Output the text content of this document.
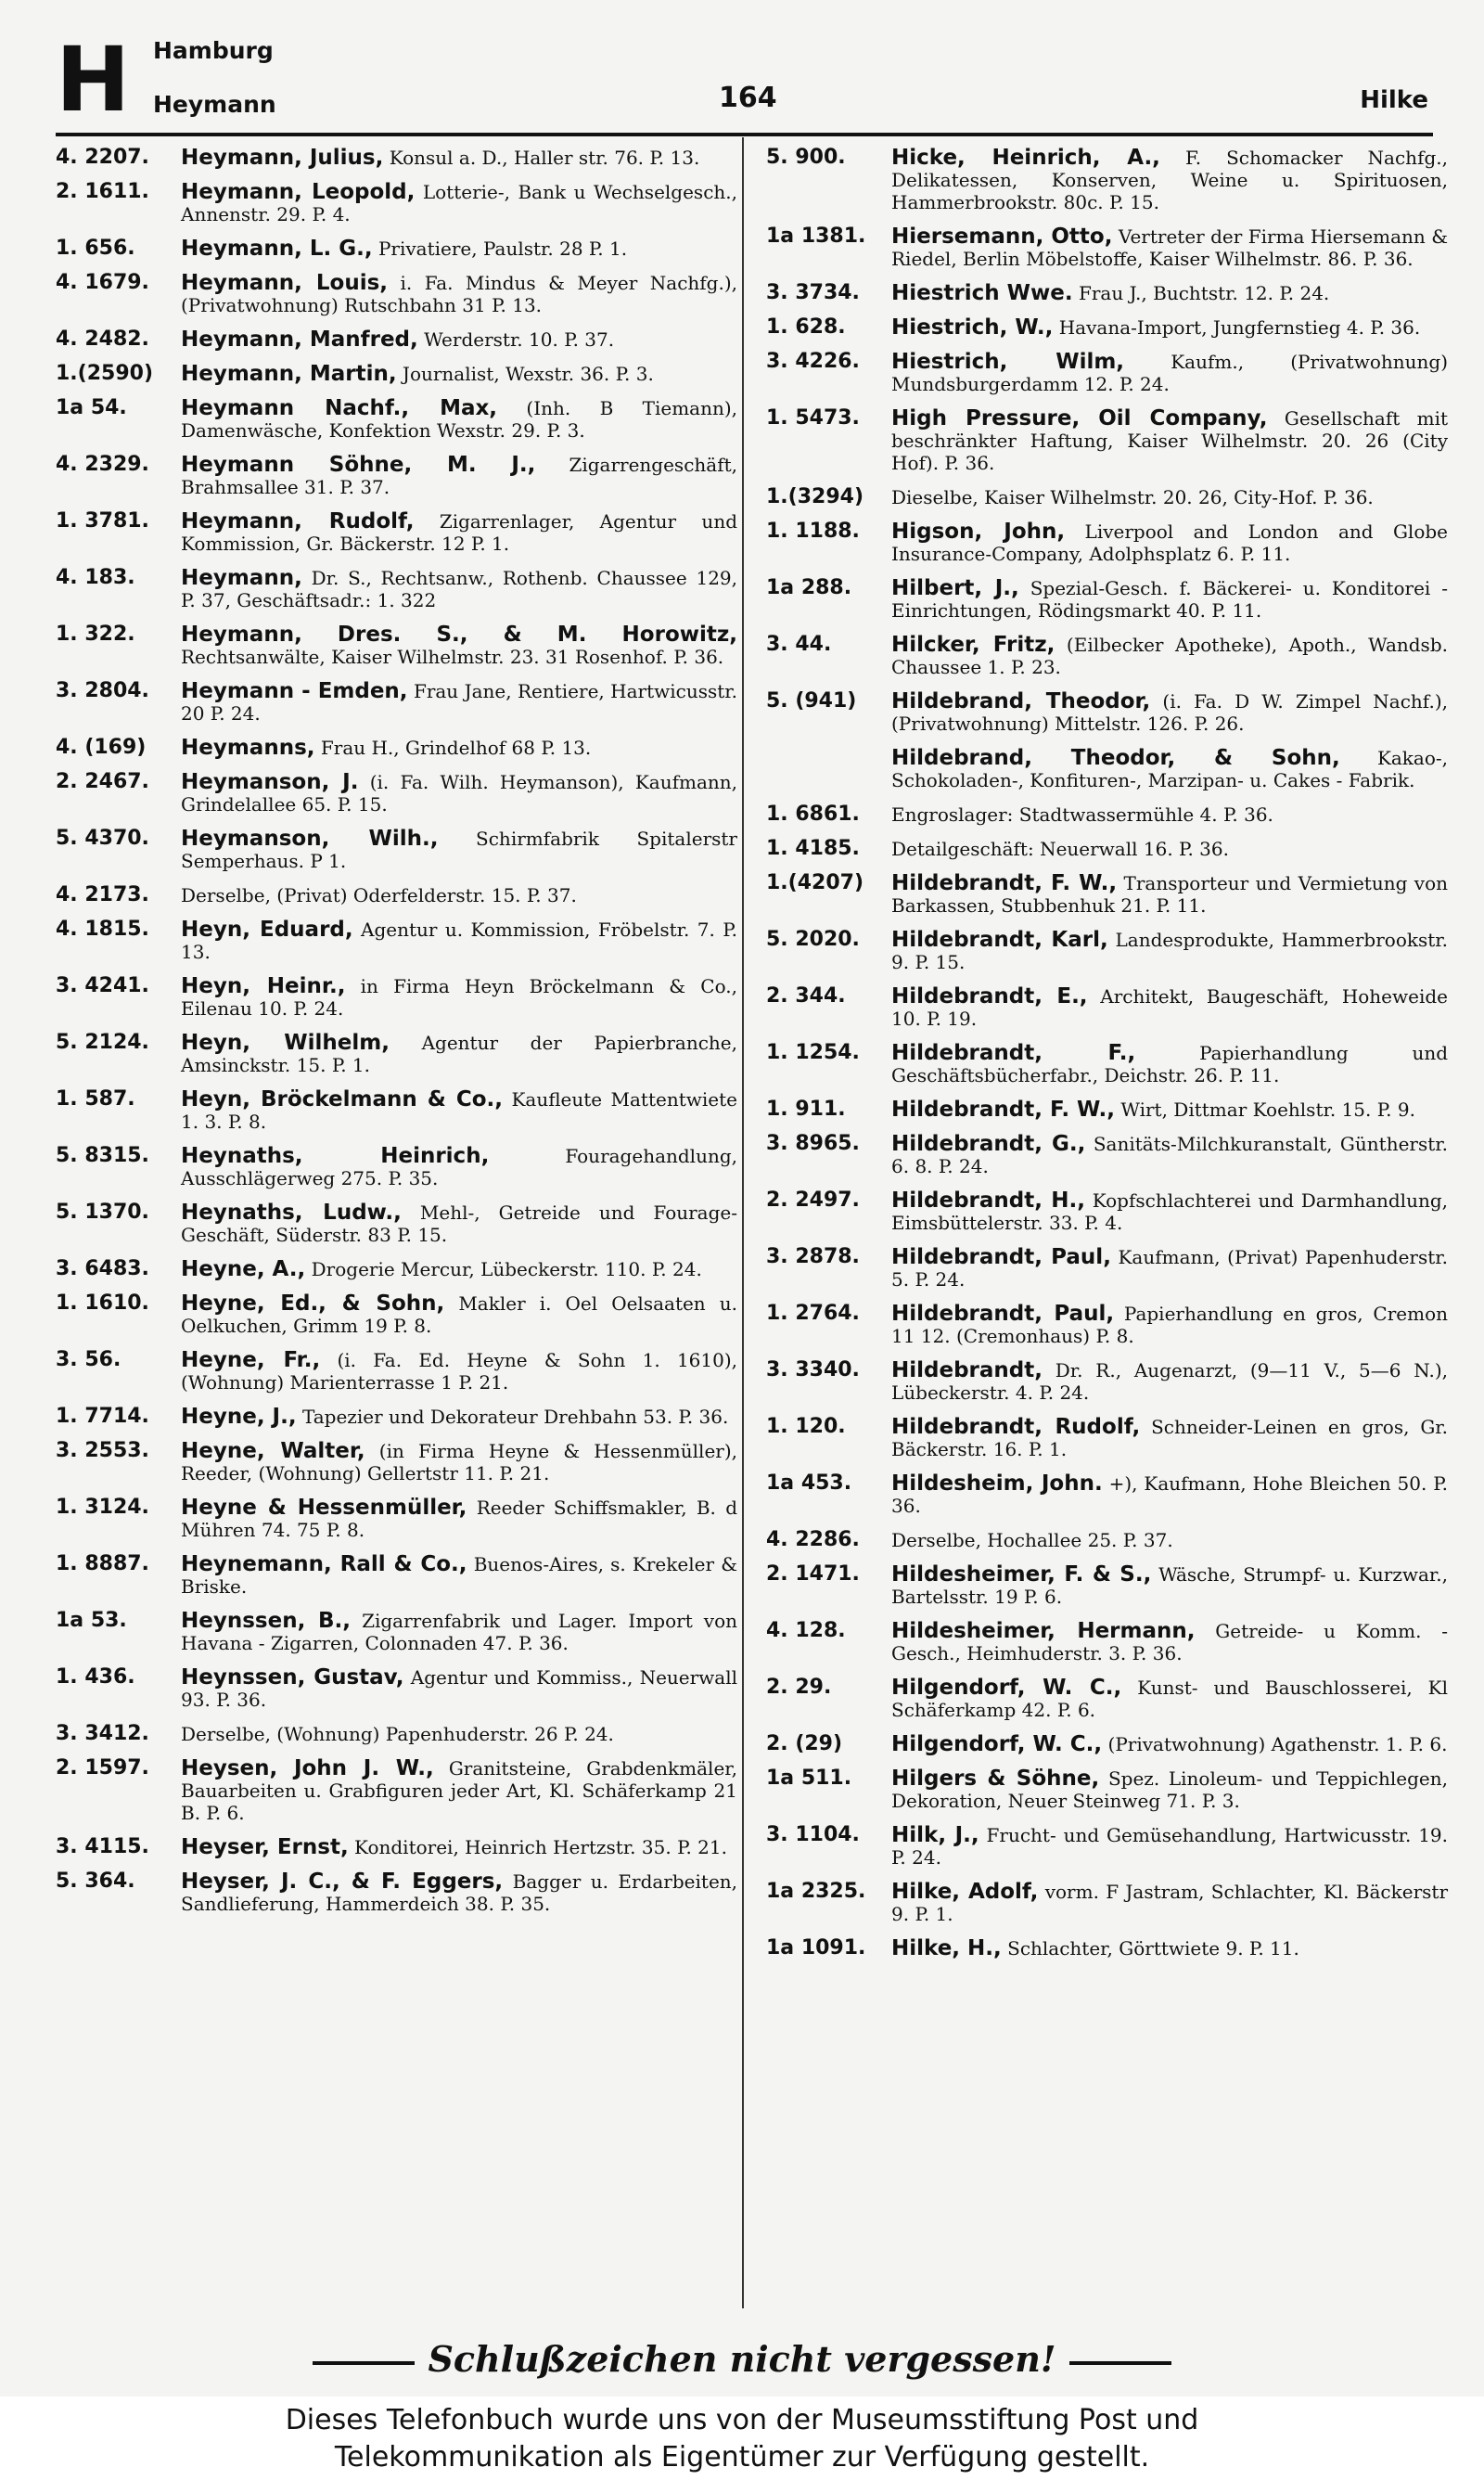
H Hamburg
Heymann	164	Hilke
4. 2207.	Heymann, Julius, Konsul a. D., Haller str. 76. P. 13.
2. 1611.	Heymann, Leopold, Lotterie-, Bank u Wechselgesch., Annenstr. 29. P. 4.
1. 656.	Heymann, L. G., Privatiere, Paulstr. 28 P. 1.
4. 1679.	Heymann, Louis, i. Fa. Mindus & Meyer Nachfg.), (Privatwohnung) Rutschbahn 31 P. 13.
4. 2482.	Heymann, Manfred, Werderstr. 10. P. 37.
1.(2590)	Heymann, Martin, Journalist, Wexstr. 36. P. 3.
1a 54.	Heymann Nachf., Max, (Inh. B Tiemann), Damenwäsche, Konfektion Wexstr. 29. P. 3.
4. 2329.	Heymann Söhne, M. J., Zigarrengeschäft, Brahmsallee 31. P. 37.
1. 3781.	Heymann, Rudolf, Zigarrenlager, Agentur und Kommission, Gr. Bäckerstr. 12 P. 1.
4. 183.	Heymann, Dr. S., Rechtsanw., Rothenb. Chaussee 129, P. 37, Geschäftsadr.: 1. 322
1. 322.	Heymann, Dres. S., & M. Horowitz, Rechtsanwälte, Kaiser Wilhelmstr. 23. 31 Rosenhof. P. 36.
3. 2804.	Heymann - Emden, Frau Jane, Rentiere, Hartwicusstr. 20 P. 24.
4. (169)	Heymanns, Frau H., Grindelhof 68 P. 13.
2. 2467.	Heymanson, J. (i. Fa. Wilh. Heymanson), Kaufmann, Grindelallee 65. P. 15.
5. 4370.	Heymanson, Wilh., Schirmfabrik Spitalerstr Semperhaus. P 1.
4. 2173.	Derselbe, (Privat) Oderfelderstr. 15. P. 37.
4. 1815.	Heyn, Eduard, Agentur u. Kommission, Fröbelstr. 7. P. 13.
3. 4241.	Heyn, Heinr., in Firma Heyn Bröckelmann & Co., Eilenau 10. P. 24.
5. 2124.	Heyn, Wilhelm, Agentur der Papierbranche, Amsinckstr. 15. P. 1.
1. 587.	Heyn, Bröckelmann & Co., Kaufleute Mattentwiete 1. 3. P. 8.
5. 8315.	Heynaths, Heinrich,	Fouragehandlung, Ausschlägerweg 275. P. 35.
5. 1370.	Heynaths, Ludw., Mehl-, Getreide und Fourage-Geschäft, Süderstr. 83 P. 15.
3. 6483.	Heyne, A., Drogerie Mercur, Lübeckerstr. 110. P. 24.
1. 1610.	Heyne, Ed., & Sohn, Makler i. Oel Oelsaaten u. Oelkuchen, Grimm 19 P. 8.
3. 56.	Heyne, Fr., (i. Fa. Ed. Heyne & Sohn 1. 1610), (Wohnung) Marienterrasse 1 P. 21.
1. 7714.	Heyne, J., Tapezier und Dekorateur Drehbahn 53. P. 36.
3. 2553.	Heyne, Walter, (in Firma Heyne & Hessenmüller), Reeder, (Wohnung) Gellertstr 11. P. 21.
1. 3124.	Heyne & Hessenmüller, Reeder Schiffsmakler, B. d Mühren 74. 75 P. 8.
1. 8887.	Heynemann, Rall & Co., Buenos-Aires, s. Krekeler & Briske.
1a 53.	Heynssen, B., Zigarrenfabrik und Lager. Import von Havana - Zigarren, Colonnaden 47. P. 36.
1. 436.	Heynssen, Gustav, Agentur und Kommiss., Neuerwall 93. P. 36.
3. 3412.	Derselbe, (Wohnung) Papenhuderstr. 26 P. 24.
2. 1597.	Heysen, John J. W., Granitsteine, Grabdenkmäler, Bauarbeiten u. Grabfiguren jeder Art, Kl. Schäferkamp 21 B. P. 6.
3. 4115.	Heyser, Ernst, Konditorei, Heinrich Hertzstr. 35. P. 21.
5. 364.	Heyser, J. C., & F. Eggers, Bagger u. Erdarbeiten, Sandlieferung, Hammerdeich 38. P. 35.
5. 900.	Hicke, Heinrich, A., F. Schomacker Nachfg., Delikatessen, Konserven, Weine u. Spirituosen, Hammerbrookstr. 80c. P. 15.
1a 1381.	Hiersemann, Otto, Vertreter der Firma Hiersemann & Riedel, Berlin Möbelstoffe, Kaiser Wilhelmstr. 86. P. 36.
3. 3734.	Hiestrich Wwe. Frau J., Buchtstr. 12. P. 24.
1. 628.	Hiestrich, W., Havana-Import, Jungfernstieg 4. P. 36.
3. 4226.	Hiestrich, Wilm,	Kaufm., (Privatwohnung) Mundsburgerdamm 12. P. 24.
1. 5473.	High Pressure, Oil Company, Gesellschaft mit beschränkter Haftung, Kaiser Wilhelmstr. 20. 26 (City Hof). P. 36.
1.(3294)	Dieselbe, Kaiser Wilhelmstr. 20. 26, City-Hof. P. 36.
1. 1188.	Higson, John, Liverpool and London and Globe Insurance-Company, Adolphsplatz 6. P. 11.
1a 288.	Hilbert, J., Spezial-Gesch. f. Bäckerei- u. Konditorei - Einrichtungen, Rödingsmarkt 40. P. 11.
3. 44.	Hilcker, Fritz, (Eilbecker Apotheke), Apoth., Wandsb. Chaussee 1. P. 23.
5. (941)	Hildebrand, Theodor, (i. Fa. D W. Zimpel Nachf.), (Privatwohnung) Mittelstr. 126. P. 26.
Hildebrand, Theodor, & Sohn, Kakao-, Schokoladen-, Konfituren-, Marzipan- u. Cakes - Fabrik.
1. 6861.	Engroslager: Stadtwassermühle 4. P. 36.
1. 4185.	Detailgeschäft: Neuerwall 16. P. 36.
1.(4207)	Hildebrandt, F. W., Transporteur und Vermietung von Barkassen, Stubbenhuk 21. P. 11.
5. 2020.	Hildebrandt, Karl, Landesprodukte, Hammerbrookstr. 9. P. 15.
2. 344.	Hildebrandt, E., Architekt, Baugeschäft, Hoheweide 10. P. 19.
1. 1254.	Hildebrandt, F.,	Papierhandlung und Geschäftsbücherfabr., Deichstr. 26. P. 11.
1. 911.	Hildebrandt, F. W., Wirt, Dittmar Koehlstr. 15. P. 9.
3. 8965.	Hildebrandt, G., Sanitäts-Milchkuranstalt, Güntherstr. 6. 8. P. 24.
2. 2497.	Hildebrandt, H., Kopfschlachterei und Darmhandlung, Eimsbüttelerstr. 33. P. 4.
3. 2878.	Hildebrandt, Paul, Kaufmann, (Privat) Papenhuderstr. 5. P. 24.
1. 2764.	Hildebrandt, Paul, Papierhandlung en gros, Cremon 11 12. (Cremonhaus) P. 8.
3. 3340.	Hildebrandt, Dr. R., Augenarzt, (9—11 V., 5—6 N.), Lübeckerstr. 4. P. 24.
1. 120.	Hildebrandt, Rudolf, Schneider-Leinen en gros, Gr. Bäckerstr. 16. P. 1.
1a 453.	Hildesheim, John. +), Kaufmann, Hohe Bleichen 50. P. 36.
4. 2286.	Derselbe, Hochallee 25. P. 37.
2. 1471.	Hildesheimer, F. & S., Wäsche, Strumpf- u. Kurzwar., Bartelsstr. 19 P. 6.
4. 128.	Hildesheimer, Hermann, Getreide- u Komm. - Gesch., Heimhuderstr. 3. P. 36.
2. 29.	Hilgendorf, W. C., Kunst- und Bauschlosserei, Kl Schäferkamp 42. P. 6.
2. (29)	Hilgendorf, W. C., (Privatwohnung) Agathenstr. 1. P. 6.
1a 511.	Hilgers & Söhne, Spez. Linoleum- und Teppichlegen, Dekoration, Neuer Steinweg 71. P. 3.
3. 1104.	Hilk, J., Frucht- und Gemüsehandlung, Hartwicusstr. 19. P. 24.
1a 2325.	Hilke, Adolf, vorm. F Jastram, Schlachter, Kl. Bäckerstr 9. P. 1.
1a 1091.	Hilke, H., Schlachter, Görttwiete 9. P. 11.
Schlußzeichen nicht vergessen!
Dieses Telefonbuch wurde uns von der Museumsstiftung Post und
Telekommunikation als Eigentümer zur Verfügung gestellt.
